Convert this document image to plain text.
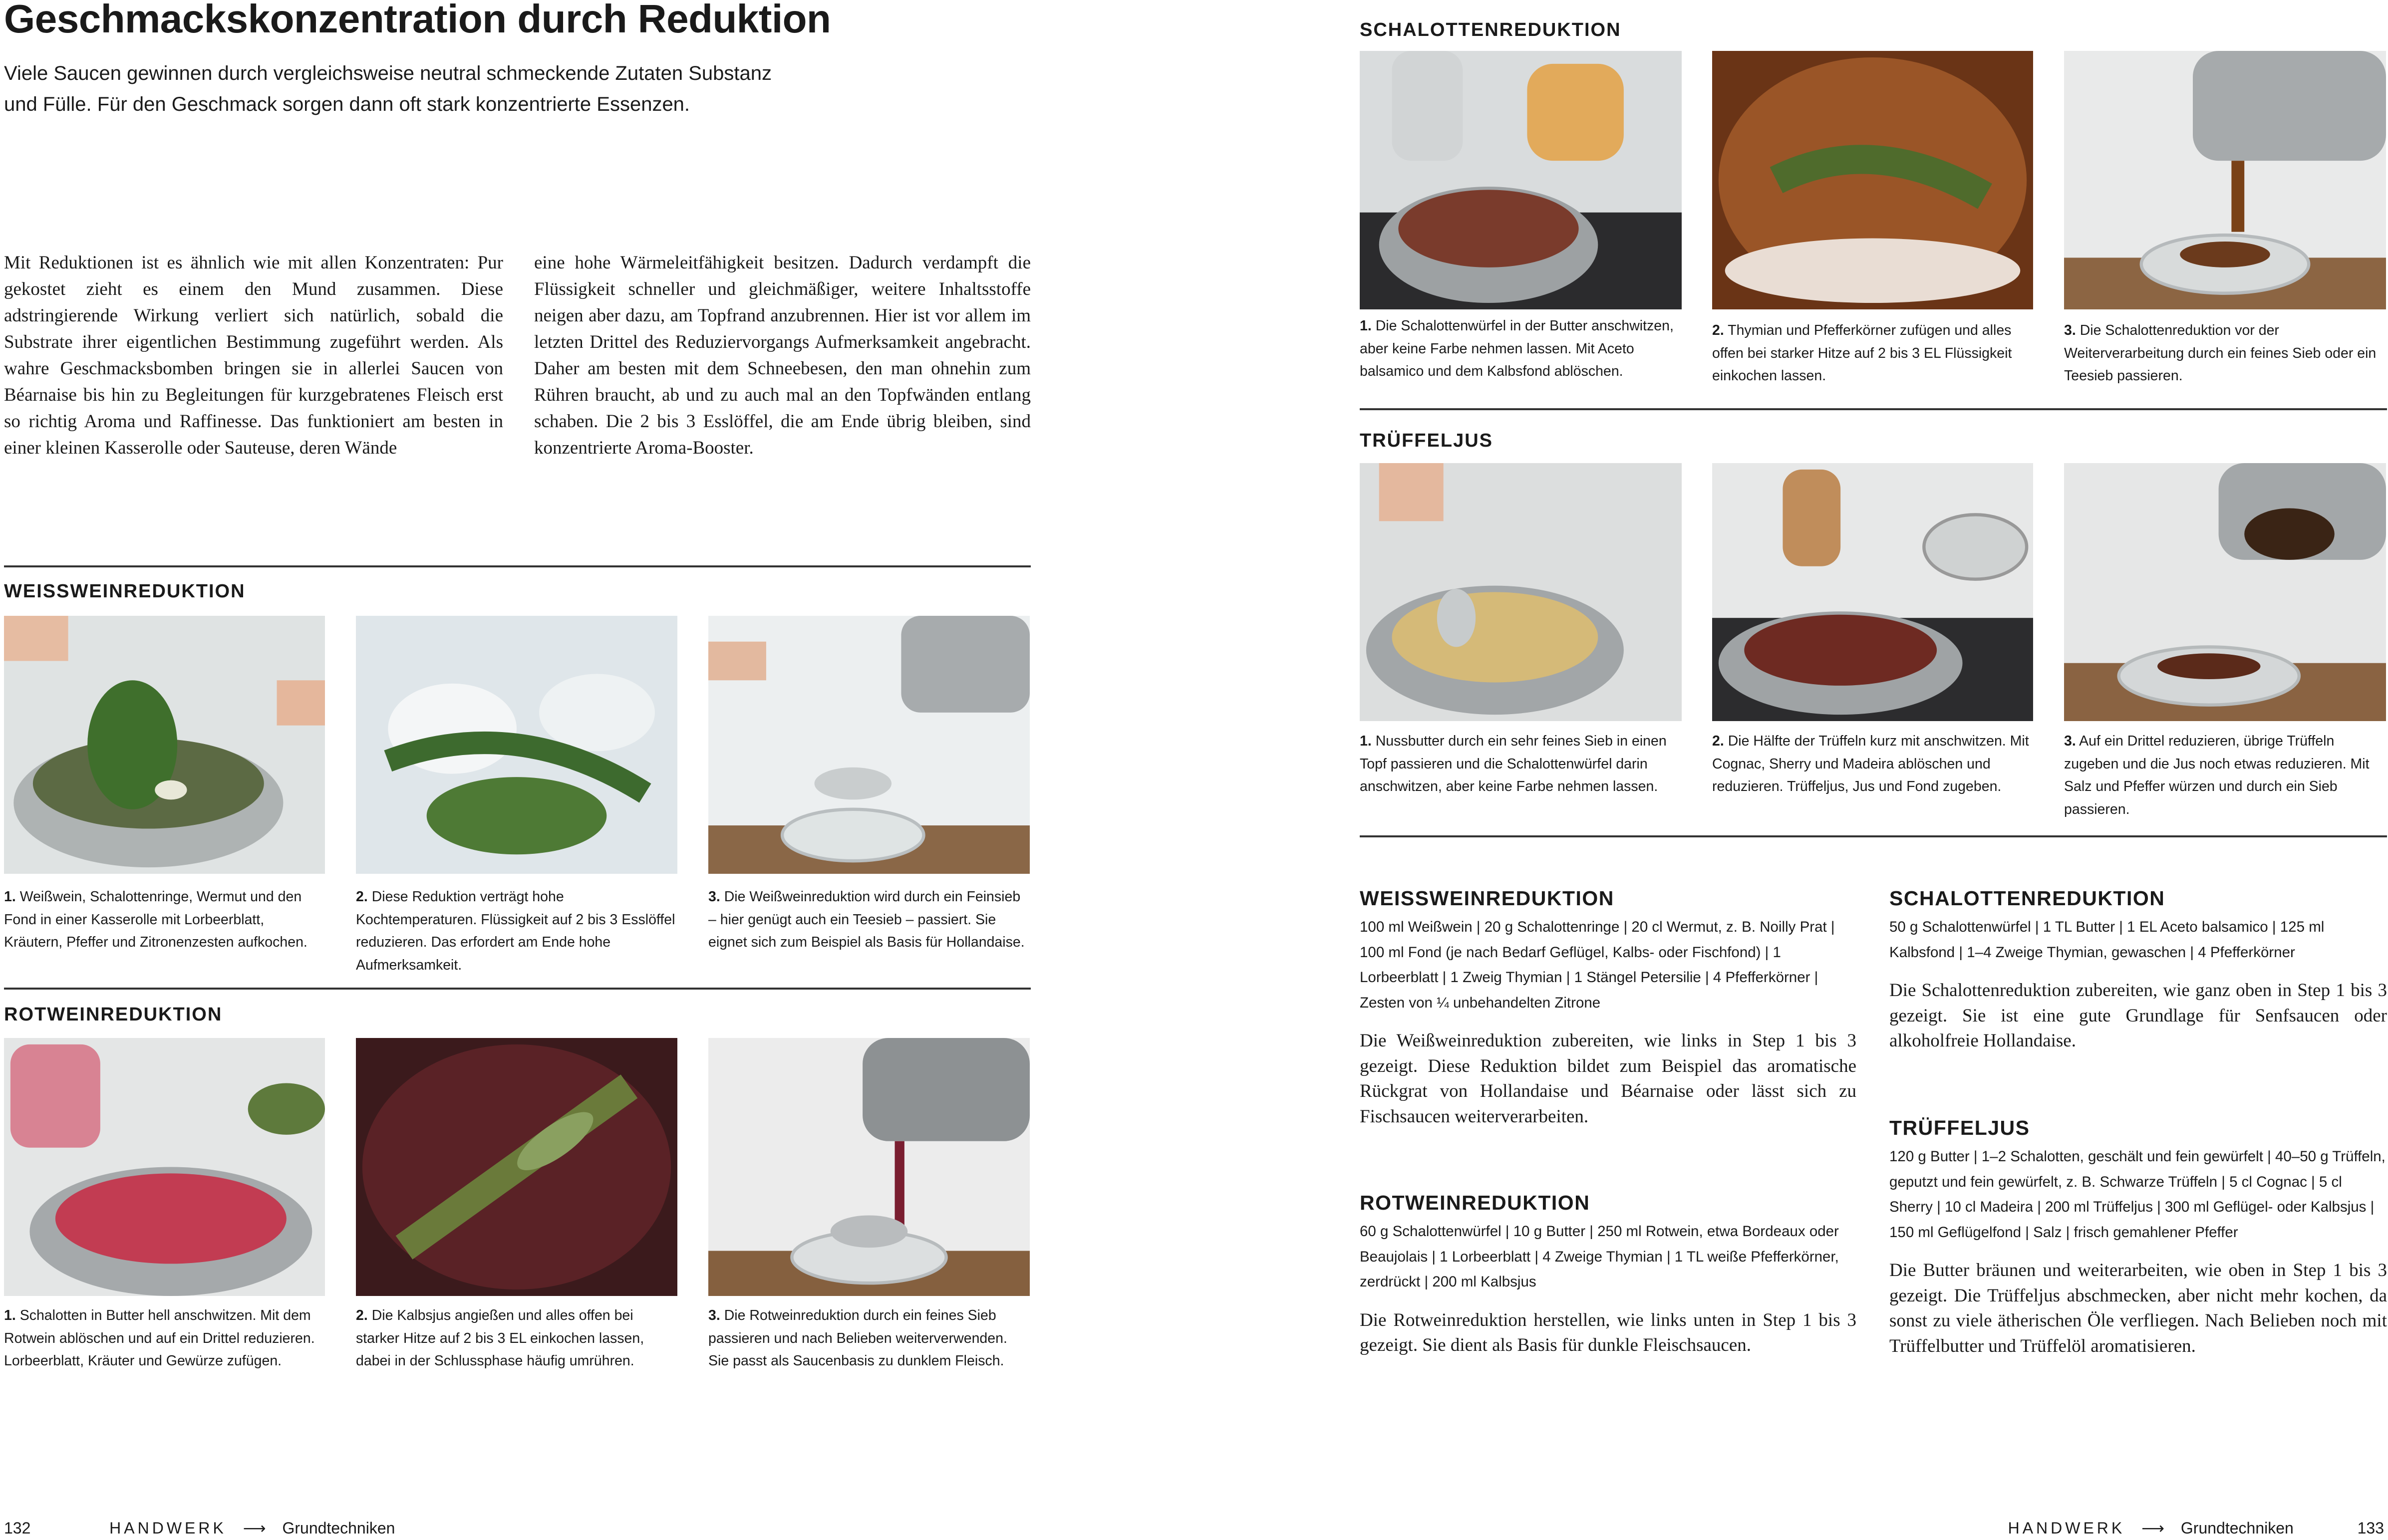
Geschmackskonzentration durch Reduktion
Viele Saucen gewinnen durch vergleichsweise neutral schmeckende Zutaten Substanz und Fülle. Für den Geschmack sorgen dann oft stark konzentrierte Essenzen.
Mit Reduktionen ist es ähnlich wie mit allen Konzentraten: Pur gekostet zieht es einem den Mund zusammen. Diese adstringierende Wirkung verliert sich natürlich, sobald die Substrate ihrer eigentlichen Bestimmung zugeführt werden. Als wahre Geschmacksbomben bringen sie in allerlei Saucen von Béarnaise bis hin zu Begleitungen für kurzgebratenes Fleisch erst so richtig Aroma und Raffinesse. Das funktioniert am besten in einer kleinen Kasserolle oder Sauteuse, deren Wände
eine hohe Wärmeleitfähigkeit besitzen. Dadurch verdampft die Flüssigkeit schneller und gleichmäßiger, weitere Inhaltsstoffe neigen aber dazu, am Topfrand anzubrennen. Hier ist vor allem im letzten Drittel des Reduziervorgangs Aufmerksamkeit angebracht. Daher am besten mit dem Schneebesen, den man ohnehin zum Rühren braucht, ab und zu auch mal an den Topfwänden entlang schaben. Die 2 bis 3 Esslöffel, die am Ende übrig bleiben, sind konzentrierte Aroma-Booster.
WEISSWEINREDUKTION
1. Weißwein, Schalottenringe, Wermut und den Fond in einer Kasserolle mit Lorbeerblatt, Kräutern, Pfeffer und Zitronenzesten aufkochen.
2. Diese Reduktion verträgt hohe Kochtemperaturen. Flüssigkeit auf 2 bis 3 Esslöffel reduzieren. Das erfordert am Ende hohe Aufmerksamkeit.
3. Die Weißweinreduktion wird durch ein Feinsieb – hier genügt auch ein Teesieb – passiert. Sie eignet sich zum Beispiel als Basis für Hollandaise.
ROTWEINREDUKTION
1. Schalotten in Butter hell anschwitzen. Mit dem Rotwein ablöschen und auf ein Drittel reduzieren. Lorbeerblatt, Kräuter und Gewürze zufügen.
2. Die Kalbsjus angießen und alles offen bei starker Hitze auf 2 bis 3 EL einkochen lassen, dabei in der Schlussphase häufig umrühren.
3. Die Rotweinreduktion durch ein feines Sieb passieren und nach Belieben weiterverwenden. Sie passt als Saucenbasis zu dunklem Fleisch.
132	HANDWERK ⟶ Grundtechniken
SCHALOTTENREDUKTION
1. Die Schalottenwürfel in der Butter anschwitzen, aber keine Farbe nehmen lassen. Mit Aceto balsamico und dem Kalbsfond ablöschen.
2. Thymian und Pfefferkörner zufügen und alles offen bei starker Hitze auf 2 bis 3 EL Flüssigkeit einkochen lassen.
3. Die Schalottenreduktion vor der Weiterverarbeitung durch ein feines Sieb oder ein Teesieb passieren.
TRÜFFELJUS
1. Nussbutter durch ein sehr feines Sieb in einen Topf passieren und die Schalottenwürfel darin anschwitzen, aber keine Farbe nehmen lassen.
2. Die Hälfte der Trüffeln kurz mit anschwitzen. Mit Cognac, Sherry und Madeira ablöschen und reduzieren. Trüffeljus, Jus und Fond zugeben.
3. Auf ein Drittel reduzieren, übrige Trüffeln zugeben und die Jus noch etwas reduzieren. Mit Salz und Pfeffer würzen und durch ein Sieb passieren.
WEISSWEINREDUKTION
100 ml Weißwein | 20 g Schalottenringe | 20 cl Wermut, z. B. Noilly Prat | 100 ml Fond (je nach Bedarf Geflügel, Kalbs- oder Fischfond) | 1 Lorbeerblatt | 1 Zweig Thymian | 1 Stängel Petersilie | 4 Pfefferkörner | Zesten von ¼ unbehandelten Zitrone
Die Weißweinreduktion zubereiten, wie links in Step 1 bis 3 gezeigt. Diese Reduktion bildet zum Beispiel das aromatische Rückgrat von Hollandaise und Béarnaise oder lässt sich zu Fischsaucen weiterverarbeiten.
ROTWEINREDUKTION
60 g Schalottenwürfel | 10 g Butter | 250 ml Rotwein, etwa Bordeaux oder Beaujolais | 1 Lorbeerblatt | 4 Zweige Thymian | 1 TL weiße Pfefferkörner, zerdrückt | 200 ml Kalbsjus
Die Rotweinreduktion herstellen, wie links unten in Step 1 bis 3 gezeigt. Sie dient als Basis für dunkle Fleischsaucen.
SCHALOTTENREDUKTION
50 g Schalottenwürfel | 1 TL Butter | 1 EL Aceto balsamico | 125 ml Kalbsfond | 1–4 Zweige Thymian, gewaschen | 4 Pfefferkörner
Die Schalottenreduktion zubereiten, wie ganz oben in Step 1 bis 3 gezeigt. Sie ist eine gute Grundlage für Senfsaucen oder alkoholfreie Hollandaise.
TRÜFFELJUS
120 g Butter | 1–2 Schalotten, geschält und fein gewürfelt | 40–50 g Trüffeln, geputzt und fein gewürfelt, z. B. Schwarze Trüffeln | 5 cl Cognac | 5 cl Sherry | 10 cl Madeira | 200 ml Trüffeljus | 300 ml Geflügel- oder Kalbsjus | 150 ml Geflügelfond | Salz | frisch gemahlener Pfeffer
Die Butter bräunen und weiterarbeiten, wie oben in Step 1 bis 3 gezeigt. Die Trüffeljus abschmecken, aber nicht mehr kochen, da sonst zu viele ätherischen Öle verfliegen. Nach Belieben noch mit Trüffelbutter und Trüffelöl aromatisieren.
HANDWERK ⟶ Grundtechniken	133
